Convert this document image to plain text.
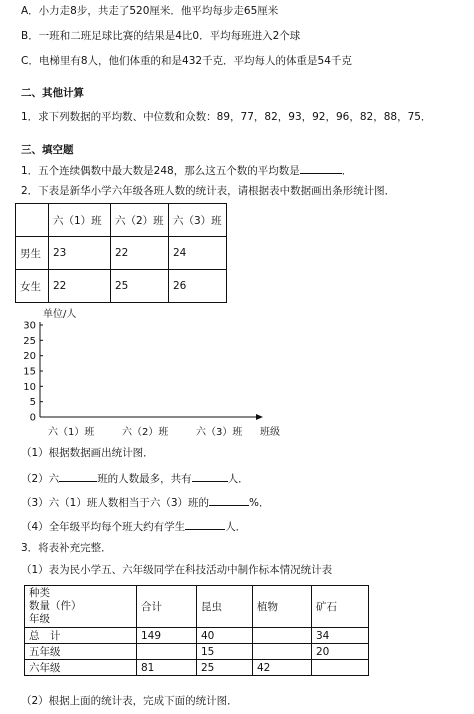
A．小力走8步，共走了520厘米．他平均每步走65厘米
B．一班和二班足球比赛的结果是4比0．平均每班进入2个球
C．电梯里有8人，他们体重的和是432千克．平均每人的体重是54千克
二、其他计算
1．求下列数据的平均数、中位数和众数：89，77，82，93，92，96，82，88，75．
三、填空题
1．五个连续偶数中最大数是248，那么这五个数的平均数是	．
2．下表是新华小学六年级各班人数的统计表，请根据表中数据画出条形统计图．
	六（1）班	六（2）班	六（3）班
男生	23	22	24
女生	22	25	26
单位/人
0
5
10
15
20
25
30
六（1）班	六（2）班	六（3）班 班级
（1）根据数据画出统计图．
（2）六	班的人数最多，共有	人．
（3）六（1）班人数相当于六（3）班的	%．
（4）全年级平均每个班大约有学生	人．
3．将表补充完整．
（1）表为民小学五、六年级同学在科技活动中制作标本情况统计表
种类
数量（件）
年级	合计	昆虫	植物	矿石
总　计	149	40		34
五年级		15		20
六年级	81	25	42	
（2）根据上面的统计表，完成下面的统计图．
